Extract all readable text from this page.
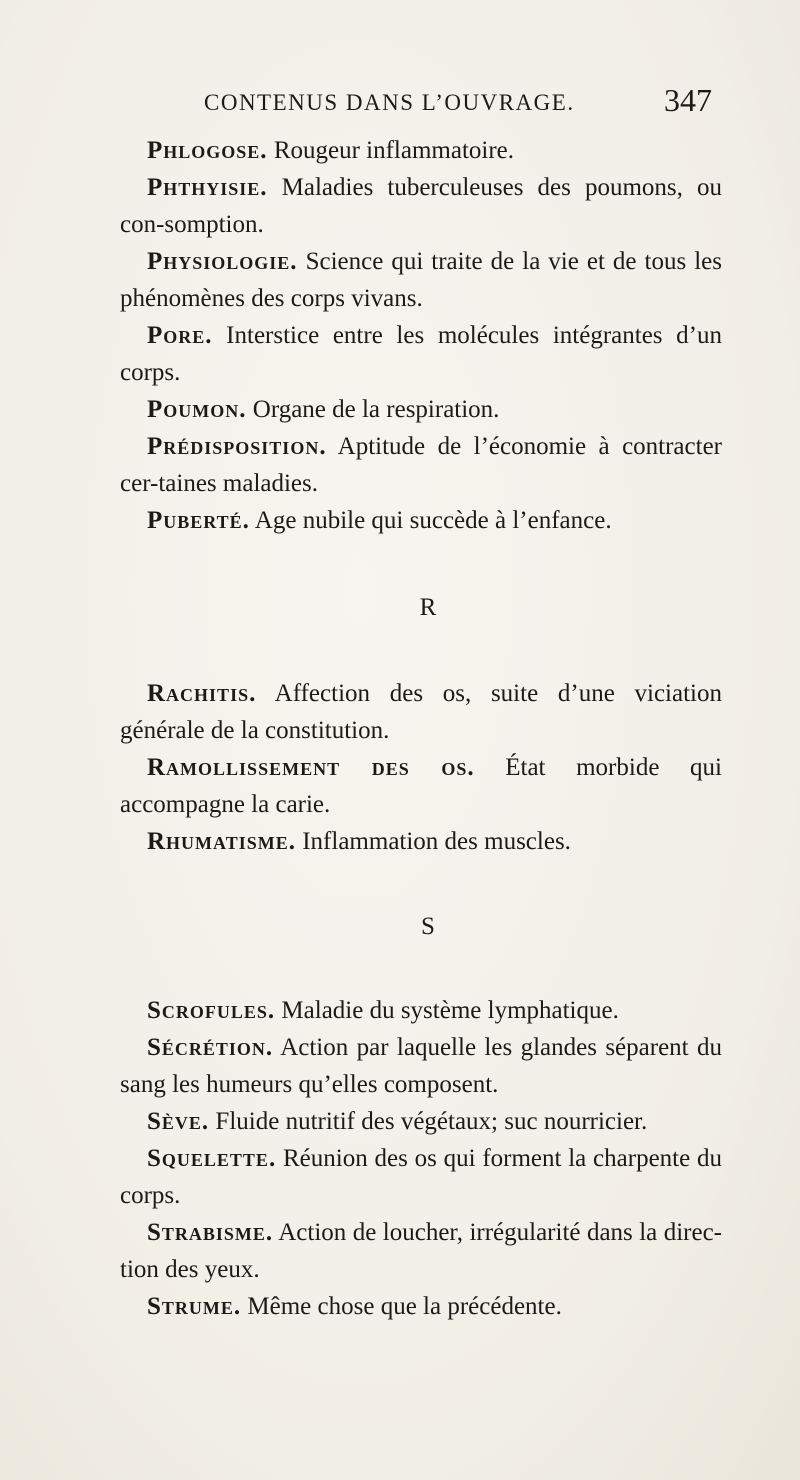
CONTENUS DANS L’OUVRAGE.	347

Phlogose. Rougeur inflammatoire.

Phthyisie. Maladies tuberculeuses des poumons, ou con-somption.

Physiologie. Science qui traite de la vie et de tous les phénomènes des corps vivans.

Pore. Interstice entre les molécules intégrantes d’un corps.

Poumon. Organe de la respiration.

Prédisposition. Aptitude de l’économie à contracter cer-taines maladies.

Puberté. Age nubile qui succède à l’enfance.

R

Rachitis. Affection des os, suite d’une viciation générale de la constitution.

Ramollissement des os. État morbide qui accompagne la carie.

Rhumatisme. Inflammation des muscles.

S

Scrofules. Maladie du système lymphatique.

Sécrétion. Action par laquelle les glandes séparent du sang les humeurs qu’elles composent.

Sève. Fluide nutritif des végétaux; suc nourricier.

Squelette. Réunion des os qui forment la charpente du corps.

Strabisme. Action de loucher, irrégularité dans la direc-tion des yeux.

Strume. Même chose que la précédente.
